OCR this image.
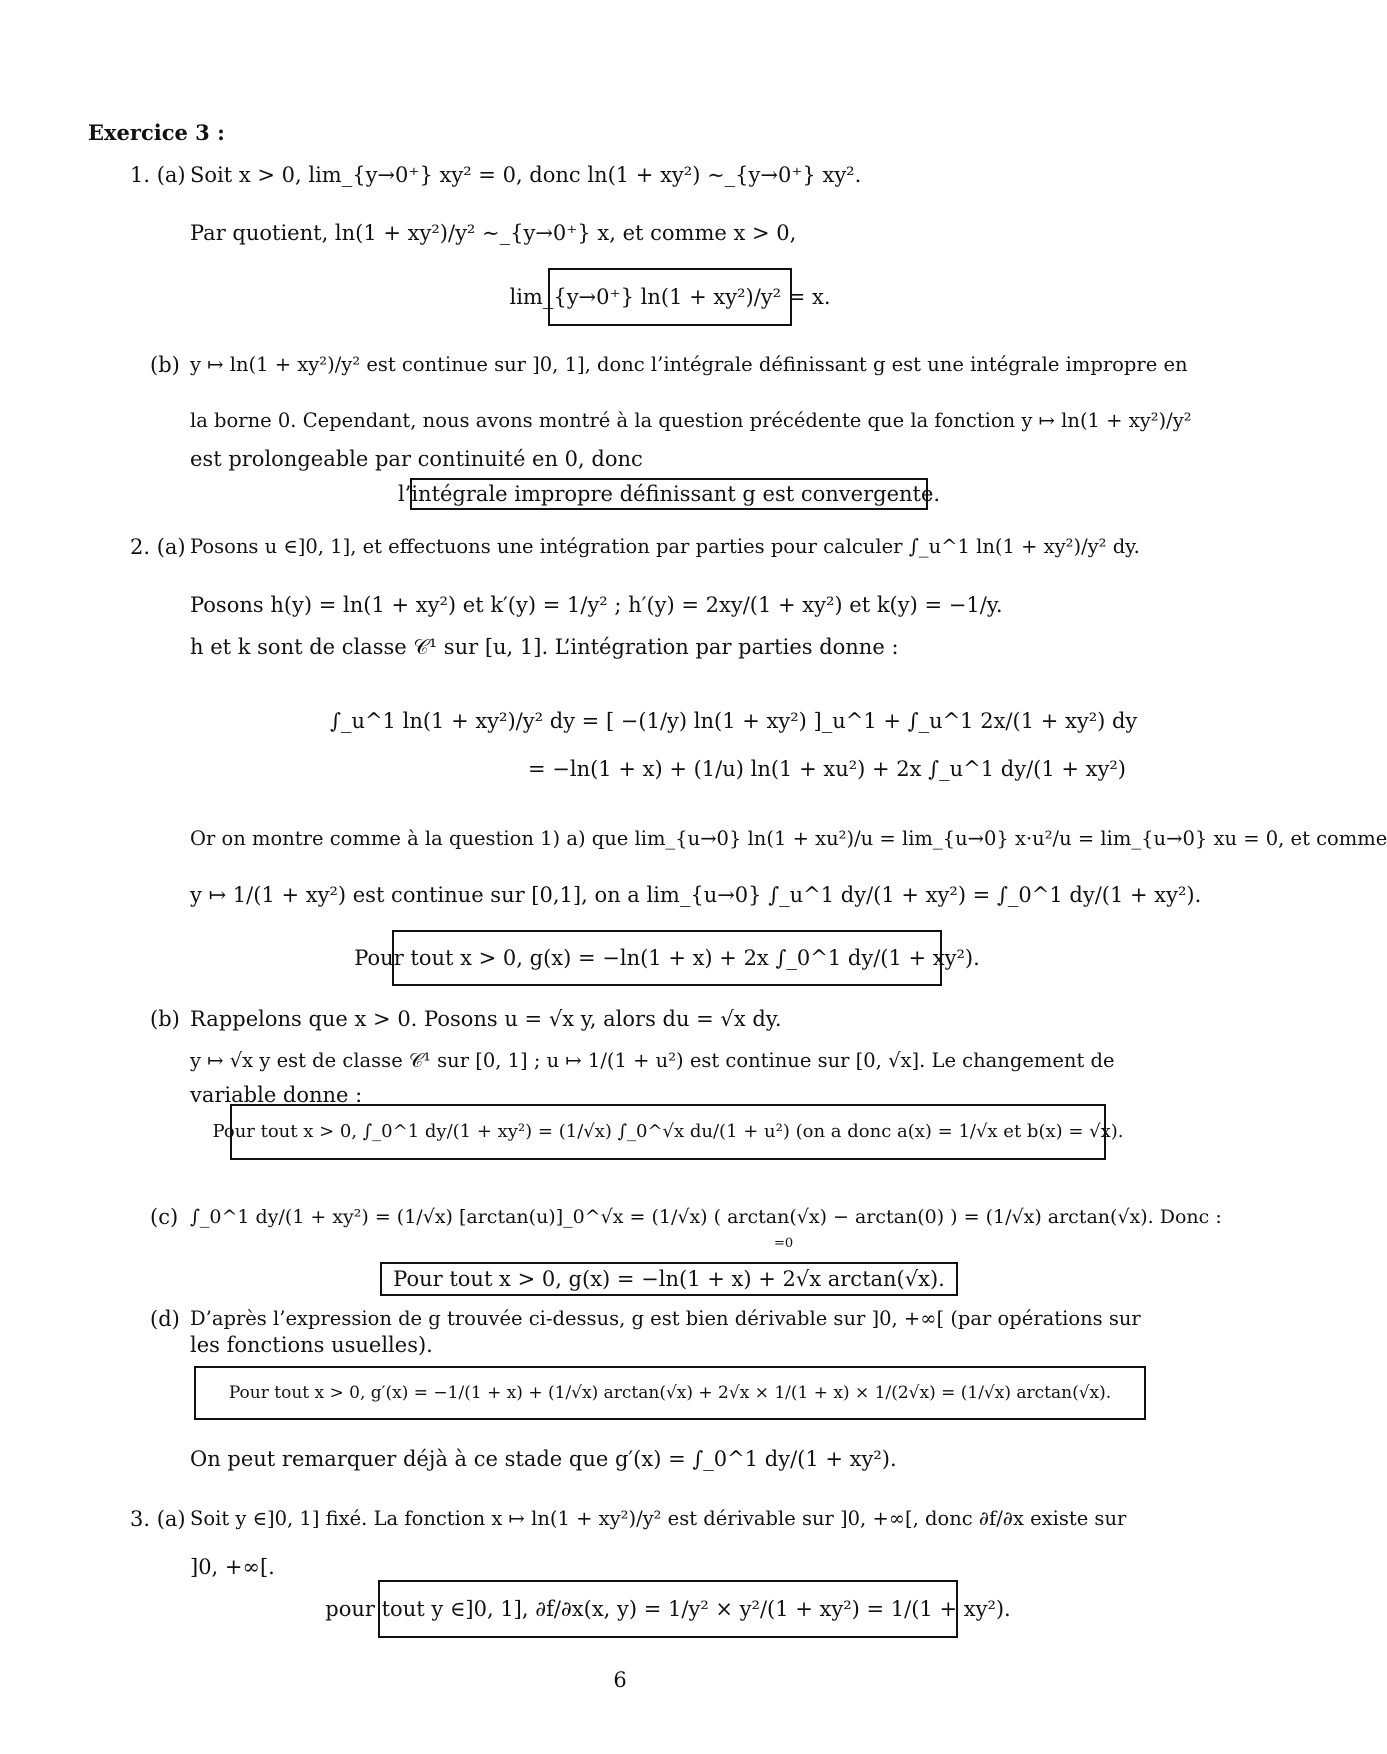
Exercice 3 :
1. (a) Soit x > 0, lim_{y→0⁺} xy² = 0, donc ln(1 + xy²) ∼_{y→0⁺} xy².
Par quotient, ln(1 + xy²)/y² ∼_{y→0⁺} x, et comme x > 0,
lim_{y→0⁺} ln(1 + xy²)/y² = x.
(b) y ↦ ln(1 + xy²)/y² est continue sur ]0, 1], donc l’intégrale définissant g est une intégrale impropre en
la borne 0. Cependant, nous avons montré à la question précédente que la fonction y ↦ ln(1 + xy²)/y²
est prolongeable par continuité en 0, donc
l’intégrale impropre définissant g est convergente.
2. (a) Posons u ∈]0, 1], et effectuons une intégration par parties pour calculer ∫_u^1 ln(1 + xy²)/y² dy.
Posons h(y) = ln(1 + xy²) et k′(y) = 1/y² ; h′(y) = 2xy/(1 + xy²) et k(y) = −1/y.
h et k sont de classe 𝒞¹ sur [u, 1]. L’intégration par parties donne :
∫_u^1 ln(1 + xy²)/y² dy = [ −(1/y) ln(1 + xy²) ]_u^1 + ∫_u^1 2x/(1 + xy²) dy
= −ln(1 + x) + (1/u) ln(1 + xu²) + 2x ∫_u^1 dy/(1 + xy²)
Or on montre comme à la question 1) a) que lim_{u→0} ln(1 + xu²)/u = lim_{u→0} x·u²/u = lim_{u→0} xu = 0, et comme
y ↦ 1/(1 + xy²) est continue sur [0,1], on a lim_{u→0} ∫_u^1 dy/(1 + xy²) = ∫_0^1 dy/(1 + xy²).
Pour tout x > 0, g(x) = −ln(1 + x) + 2x ∫_0^1 dy/(1 + xy²).
(b) Rappelons que x > 0. Posons u = √x y, alors du = √x dy.
y ↦ √x y est de classe 𝒞¹ sur [0, 1] ; u ↦ 1/(1 + u²) est continue sur [0, √x]. Le changement de
variable donne :
Pour tout x > 0, ∫_0^1 dy/(1 + xy²) = (1/√x) ∫_0^√x du/(1 + u²) (on a donc a(x) = 1/√x et b(x) = √x).
(c) ∫_0^1 dy/(1 + xy²) = (1/√x) [arctan(u)]_0^√x = (1/√x) ( arctan(√x) − arctan(0) ) = (1/√x) arctan(√x). Donc :
=0
Pour tout x > 0, g(x) = −ln(1 + x) + 2√x arctan(√x).
(d) D’après l’expression de g trouvée ci-dessus, g est bien dérivable sur ]0, +∞[ (par opérations sur
les fonctions usuelles).
Pour tout x > 0, g′(x) = −1/(1 + x) + (1/√x) arctan(√x) + 2√x × 1/(1 + x) × 1/(2√x) = (1/√x) arctan(√x).
On peut remarquer déjà à ce stade que g′(x) = ∫_0^1 dy/(1 + xy²).
3. (a) Soit y ∈]0, 1] fixé. La fonction x ↦ ln(1 + xy²)/y² est dérivable sur ]0, +∞[, donc ∂f/∂x existe sur
]0, +∞[.
pour tout y ∈]0, 1], ∂f/∂x(x, y) = 1/y² × y²/(1 + xy²) = 1/(1 + xy²).
6
